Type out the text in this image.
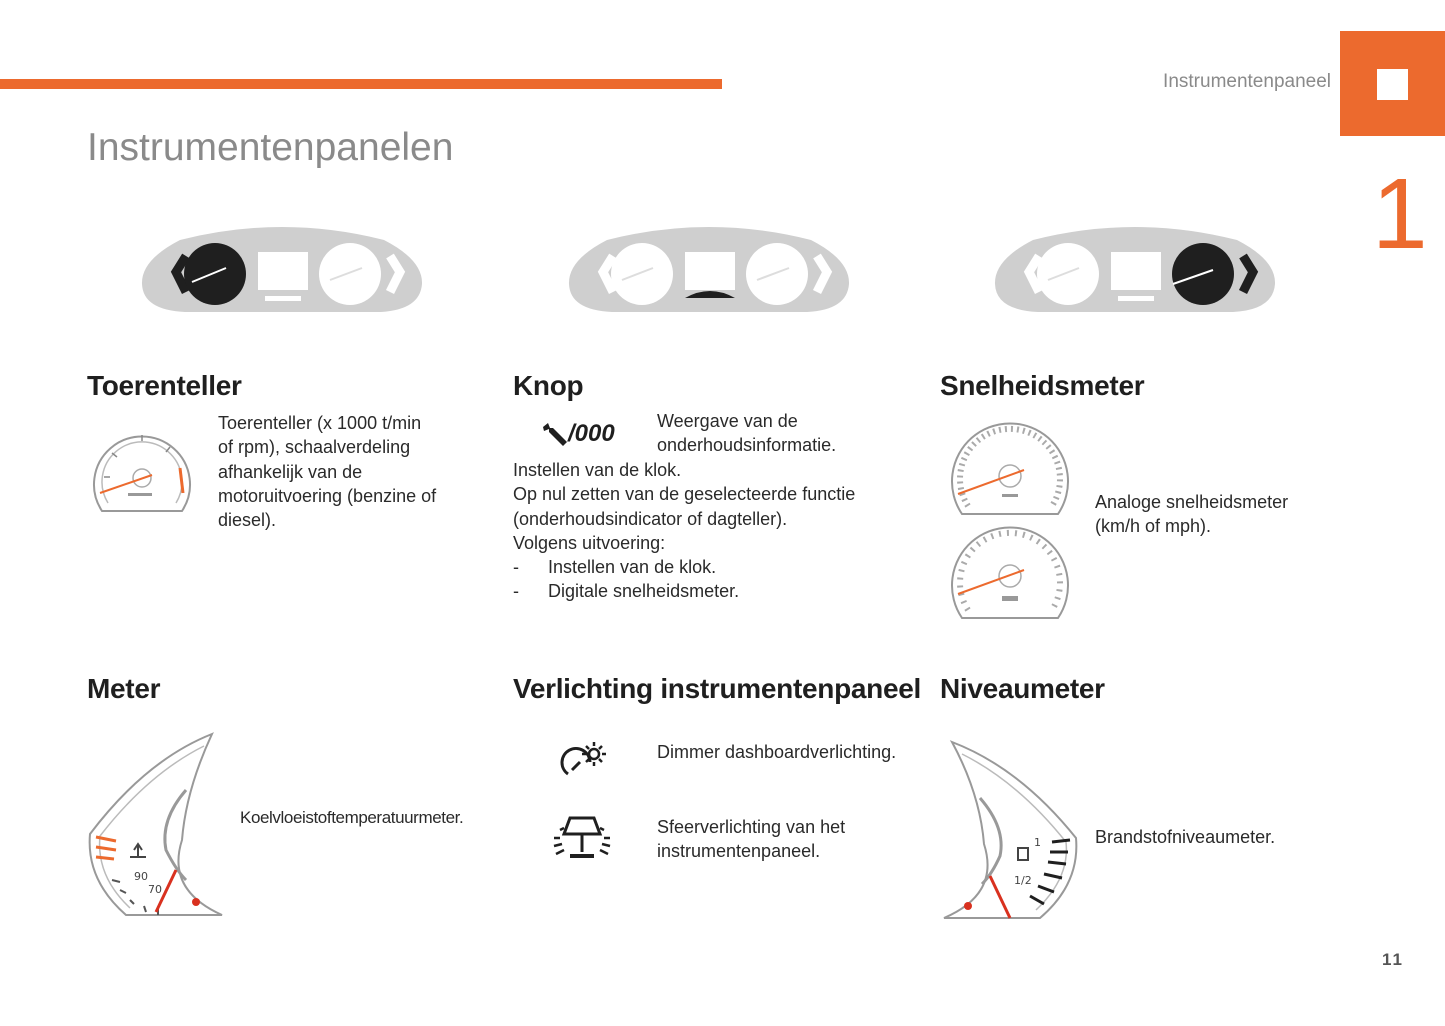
Instrumentenpaneel
1
Instrumentenpanelen
Toerenteller
Toerenteller (x 1000 t/min
of rpm), schaalverdeling
afhankelijk van de
motoruitvoering (benzine of
diesel).
Knop
/000 Weergave van de
onderhoudsinformatie.
Instellen van de klok.
Op nul zetten van de geselecteerde functie
(onderhoudsindicator of dagteller).
Volgens uitvoering:
- Instellen van de klok.
- Digitale snelheidsmeter.
Snelheidsmeter
Analoge snelheidsmeter
(km/h of mph).
Meter
90
70
Koelvloeistoftemperatuurmeter.
Verlichting instrumentenpaneel
Dimmer dashboardverlichting.
Sfeerverlichting van het
instrumentenpaneel.
Niveaumeter
1
1/2
Brandstofniveaumeter.
11
